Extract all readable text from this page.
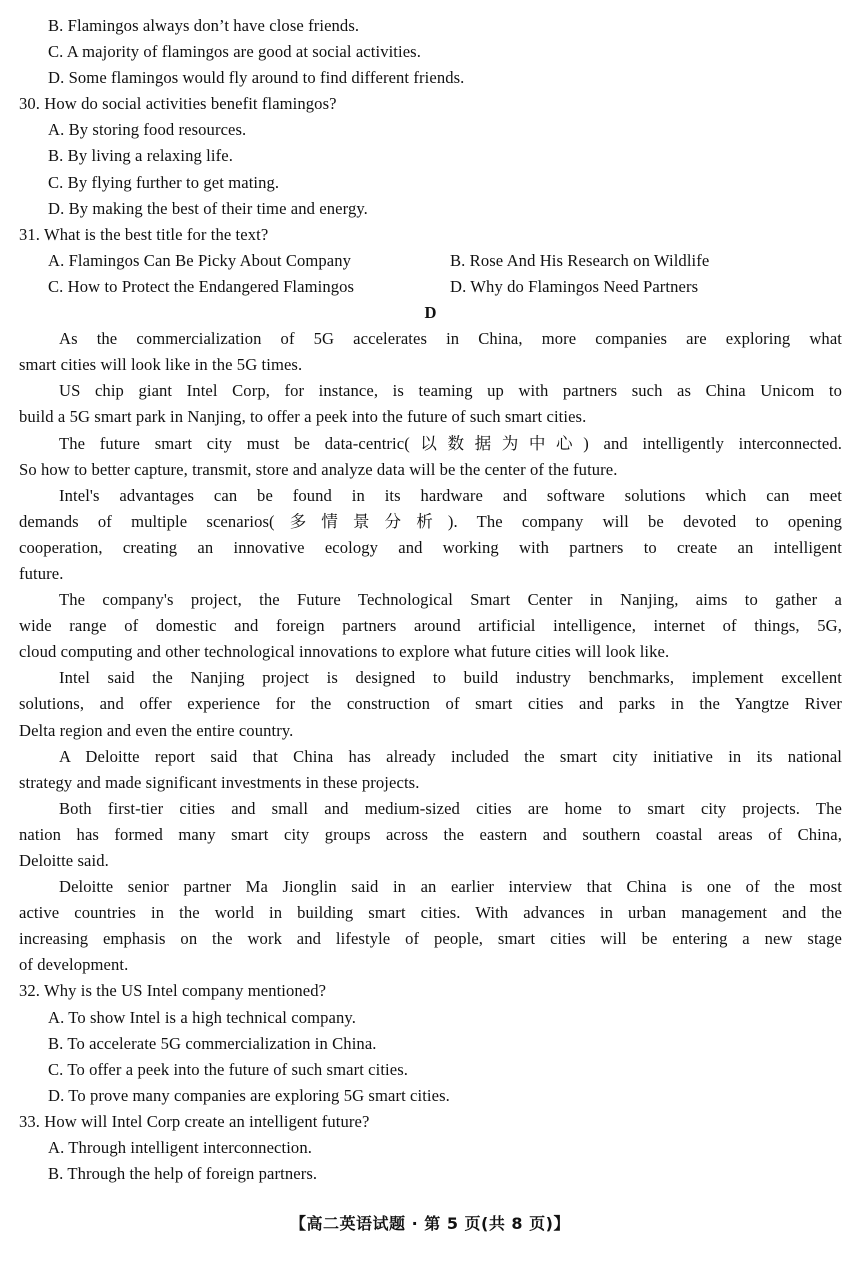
B. Flamingos always don’t have close friends.
C. A majority of flamingos are good at social activities.
D. Some flamingos would fly around to find different friends.
30. How do social activities benefit flamingos?
A. By storing food resources.
B. By living a relaxing life.
C. By flying further to get mating.
D. By making the best of their time and energy.
31. What is the best title for the text?
A. Flamingos Can Be Picky About Company	B. Rose And His Research on Wildlife
C. How to Protect the Endangered Flamingos	D. Why do Flamingos Need Partners
D
As the commercialization of 5G accelerates in China, more companies are exploring what
smart cities will look like in the 5G times.
US chip giant Intel Corp, for instance, is teaming up with partners such as China Unicom to
build a 5G smart park in Nanjing, to offer a peek into the future of such smart cities.
The future smart city must be data-centric(以数据为中心) and intelligently interconnected.
So how to better capture, transmit, store and analyze data will be the center of the future.
Intel's advantages can be found in its hardware and software solutions which can meet
demands of multiple scenarios(多情景分析). The company will be devoted to opening
cooperation, creating an innovative ecology and working with partners to create an intelligent
future.
The company's project, the Future Technological Smart Center in Nanjing, aims to gather a
wide range of domestic and foreign partners around artificial intelligence, internet of things, 5G,
cloud computing and other technological innovations to explore what future cities will look like.
Intel said the Nanjing project is designed to build industry benchmarks, implement excellent
solutions, and offer experience for the construction of smart cities and parks in the Yangtze River
Delta region and even the entire country.
A Deloitte report said that China has already included the smart city initiative in its national
strategy and made significant investments in these projects.
Both first-tier cities and small and medium-sized cities are home to smart city projects. The
nation has formed many smart city groups across the eastern and southern coastal areas of China,
Deloitte said.
Deloitte senior partner Ma Jionglin said in an earlier interview that China is one of the most
active countries in the world in building smart cities. With advances in urban management and the
increasing emphasis on the work and lifestyle of people, smart cities will be entering a new stage
of development.
32. Why is the US Intel company mentioned?
A. To show Intel is a high technical company.
B. To accelerate 5G commercialization in China.
C. To offer a peek into the future of such smart cities.
D. To prove many companies are exploring 5G smart cities.
33. How will Intel Corp create an intelligent future?
A. Through intelligent interconnection.
B. Through the help of foreign partners.
【高二英语试题 · 第 5 页(共 8 页)】
